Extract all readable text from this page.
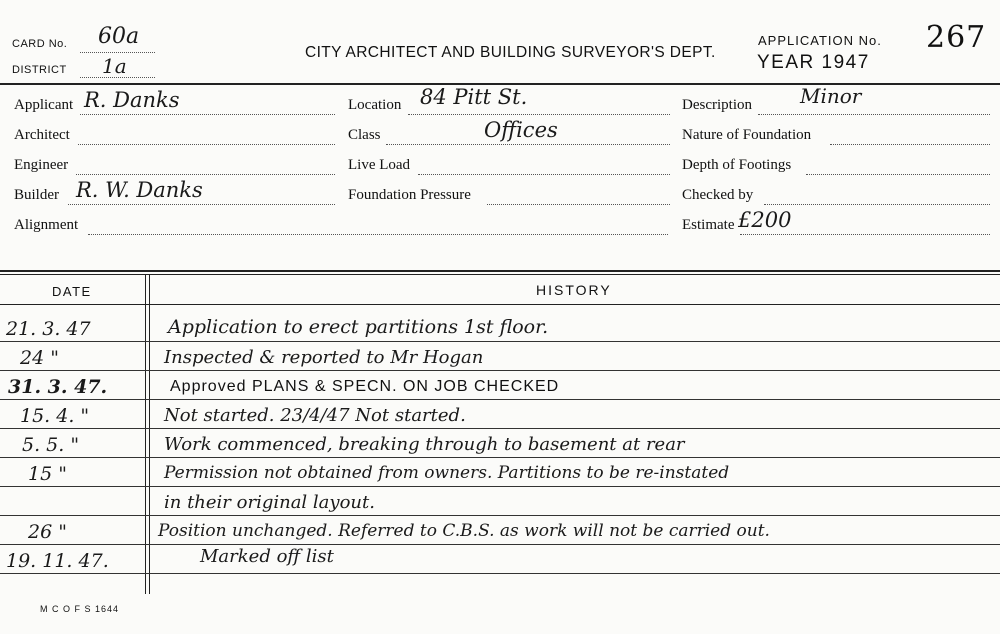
CARD No. 60a
DISTRICT 1a
CITY ARCHITECT AND BUILDING SURVEYOR'S DEPT.
APPLICATION No. 267
YEAR 1947
Applicant R. Danks
Architect
Engineer
Builder R. W. Danks
Alignment
Location 84 Pitt St.
Class	Offices
Live Load
Foundation Pressure
Description Minor
Nature of Foundation
Depth of Footings
Checked by
Estimate £200
DATE	HISTORY
21. 3. 47	Application to erect partitions 1st floor.
24 "	Inspected & reported to Mr Hogan
31. 3. 47.	Approved PLANS & SPECN. ON JOB CHECKED
15. 4. "	Not started. 23/4/47 Not started.
5. 5. "	Work commenced, breaking through to basement at rear
15 "	Permission not obtained from owners. Partitions to be re-instated
in their original layout.
26 "	Position unchanged. Referred to C.B.S. as work will not be carried out.
19. 11. 47.	Marked off list
M C O F S 1644
